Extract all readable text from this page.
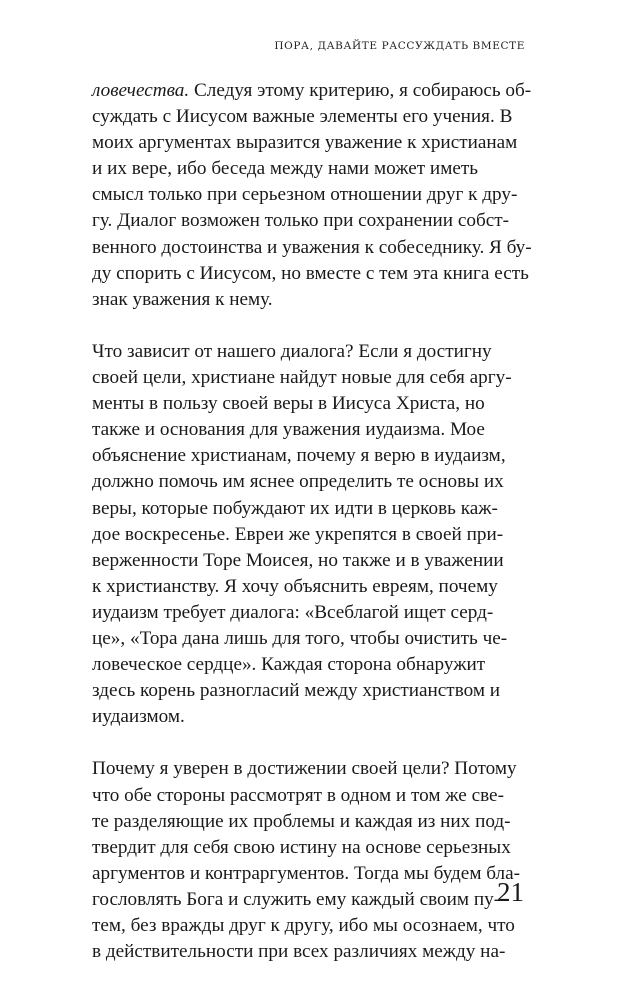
ПОРА, ДАВАЙТЕ РАССУЖДАТЬ ВМЕСТЕ
ловечества. Следуя этому критерию, я собираюсь об-
суждать с Иисусом важные элементы его учения. В
моих аргументах выразится уважение к христианам
и их вере, ибо беседа между нами может иметь
смысл только при серьезном отношении друг к дру-
гу. Диалог возможен только при сохранении собст-
венного достоинства и уважения к собеседнику. Я бу-
ду спорить с Иисусом, но вместе с тем эта книга есть
знак уважения к нему.
Что зависит от нашего диалога? Если я достигну
своей цели, христиане найдут новые для себя аргу-
менты в пользу своей веры в Иисуса Христа, но
также и основания для уважения иудаизма. Мое
объяснение христианам, почему я верю в иудаизм,
должно помочь им яснее определить те основы их
веры, которые побуждают их идти в церковь каж-
дое воскресенье. Евреи же укрепятся в своей при-
верженности Торе Моисея, но также и в уважении
к христианству. Я хочу объяснить евреям, почему
иудаизм требует диалога: «Всеблагой ищет серд-
це», «Тора дана лишь для того, чтобы очистить че-
ловеческое сердце». Каждая сторона обнаружит
здесь корень разногласий между христианством и
иудаизмом.
Почему я уверен в достижении своей цели? Потому
что обе стороны рассмотрят в одном и том же све-
те разделяющие их проблемы и каждая из них под-
твердит для себя свою истину на основе серьезных
аргументов и контраргументов. Тогда мы будем бла-
гословлять Бога и служить ему каждый своим пу-
тем, без вражды друг к другу, ибо мы осознаем, что
в действительности при всех различиях между на-
21
